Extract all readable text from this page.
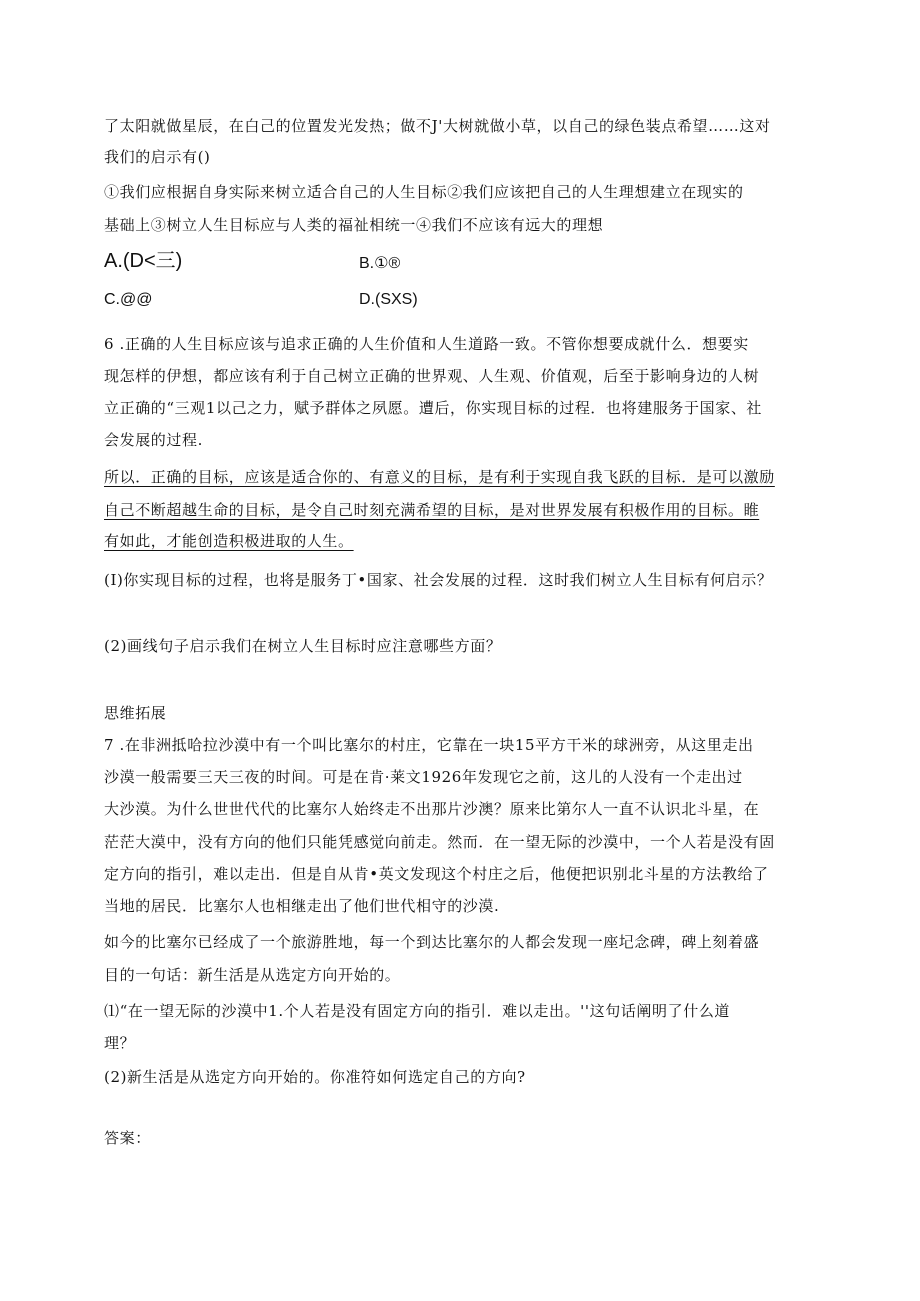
了太阳就做星辰，在白己的位置发光发热；做不J'大树就做小草，以自己的绿色装点希望……这对
我们的启示有()
①我们应根据自身实际来树立适合自己的人生目标②我们应该把自己的人生理想建立在现实的
基础上③树立人生目标应与人类的福祉相统一④我们不应该有远大的理想
A.(D<三)	B.①®
C.@@	D.(SXS)
6 .正确的人生目标应该与追求正确的人生价值和人生道路一致。不管你想要成就什么．想要实
现怎样的伊想，都应该有利于自己树立正确的世界观、人生观、价值观，后至于影响身边的人树
立正确的“三观1以己之力，赋予群体之夙愿。遭后，你实现目标的过程．也将建服务于国家、社
会发展的过程.
所以．正确的目标，应该是适合你的、有意义的目标，是有利于实现自我飞跃的目标．是可以激励
自己不断超越生命的目标，是令自己时刻充满希望的目标，是对世界发展有积极作用的目标。睢
有如此，才能创造积极进取的人生。
(I)你实现目标的过程，也将是服务丁•国家、社会发展的过程．这时我们树立人生目标有何启示？
(2)画线句子启示我们在树立人生目标时应注意哪些方面？
思维拓展
7 .在非洲抵哈拉沙漠中有一个叫比塞尔的村庄，它靠在一块15平方干米的球洲旁，从这里走出
沙漠一般需要三天三夜的时间。可是在肯·莱文1926年发现它之前，这儿的人没有一个走出过
大沙漠。为什么世世代代的比塞尔人始终走不出那片沙澳？原来比第尔人一直不认识北斗星，在
茫茫大漠中，没有方向的他们只能凭感觉向前走。然而．在一望无际的沙漠中，一个人若是没有固
定方向的指引，难以走出．但是自从肯•英文发现这个村庄之后，他便把识别北斗星的方法教给了
当地的居民．比塞尔人也相继走出了他们世代相守的沙漠.
如今的比塞尔已经成了一个旅游胜地，每一个到达比塞尔的人都会发现一座圮念碑，碑上刻着盛
目的一句话：新生活是从选定方向开始的。
⑴“在一望无际的沙漠中1.个人若是没有固定方向的指引．难以走出。''这句话阐明了什么道
理？
(2)新生活是从选定方向开始的。你准符如何选定自己的方向?
答案：
